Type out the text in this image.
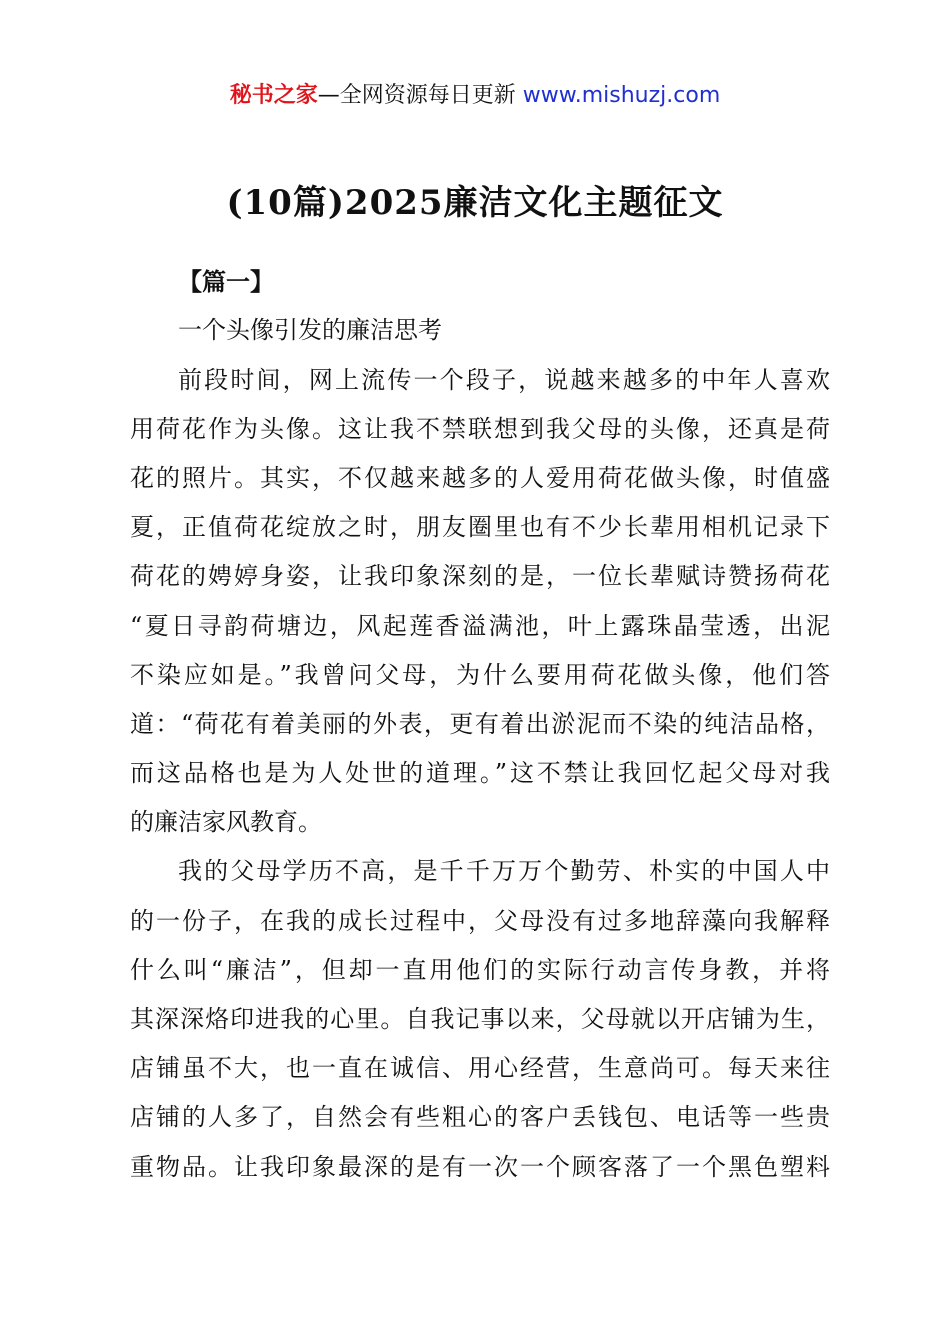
秘书之家—全网资源每日更新 www.mishuzj.com
(10篇)2025廉洁文化主题征文
【篇一】
一个头像引发的廉洁思考
前段时间，网上流传一个段子，说越来越多的中年人喜欢
用荷花作为头像。这让我不禁联想到我父母的头像，还真是荷
花的照片。其实，不仅越来越多的人爱用荷花做头像，时值盛
夏，正值荷花绽放之时，朋友圈里也有不少长辈用相机记录下
荷花的娉婷身姿，让我印象深刻的是，一位长辈赋诗赞扬荷花
“夏日寻韵荷塘边，风起莲香溢满池，叶上露珠晶莹透，出泥
不染应如是。”我曾问父母，为什么要用荷花做头像，他们答
道：“荷花有着美丽的外表，更有着出淤泥而不染的纯洁品格，
而这品格也是为人处世的道理。”这不禁让我回忆起父母对我
的廉洁家风教育。
我的父母学历不高，是千千万万个勤劳、朴实的中国人中
的一份子，在我的成长过程中，父母没有过多地辞藻向我解释
什么叫“廉洁”，但却一直用他们的实际行动言传身教，并将
其深深烙印进我的心里。自我记事以来，父母就以开店铺为生，
店铺虽不大，也一直在诚信、用心经营，生意尚可。每天来往
店铺的人多了，自然会有些粗心的客户丢钱包、电话等一些贵
重物品。让我印象最深的是有一次一个顾客落了一个黑色塑料
